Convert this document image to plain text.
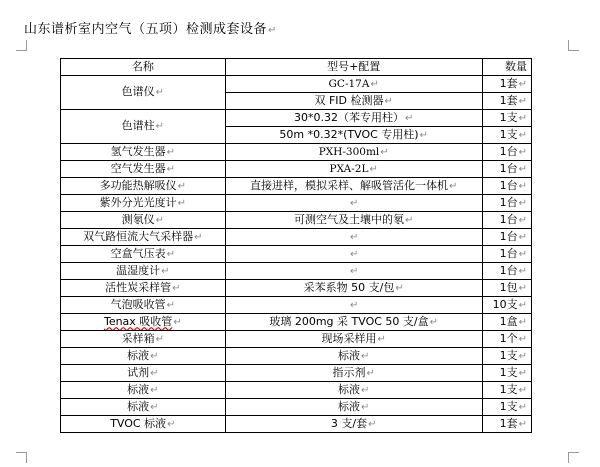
山东谱析室内空气（五项）检测成套设备↵
名称	型号+配置	数量
色谱仪↵	GC-17A↵	1套↵
	双 FID 检测器↵	1套↵
色谱柱↵	30*0.32（苯专用柱）↵	1支↵
	50m *0.32*(TVOC 专用柱)↵	1支↵
氢气发生器↵	PXH-300ml↵	1台↵
空气发生器↵	PXA-2L↵	1台↵
多功能热解吸仪↵	直接进样，模拟采样、解吸管活化一体机↵	1台↵
紫外分光光度计↵	↵	1台↵
测氡仪↵	可测空气及土壤中的氡↵	1台↵
双气路恒流大气采样器↵	↵	1台↵
空盒气压表↵	↵	1台↵
温湿度计↵	↵	1台↵
活性炭采样管↵	采苯系物 50 支/包↵	1包↵
气泡吸收管↵	↵	10支↵
Tenax 吸收管↵	玻璃 200mg 采 TVOC 50 支/盒↵	1盒↵
采样箱↵	现场采样用↵	1个↵
标液↵	标液↵	1支↵
试剂↵	指示剂↵	1支↵
标液↵	标液↵	1支↵
标液↵	标液↵	1支↵
TVOC 标液↵	3 支/套↵	1套↵
